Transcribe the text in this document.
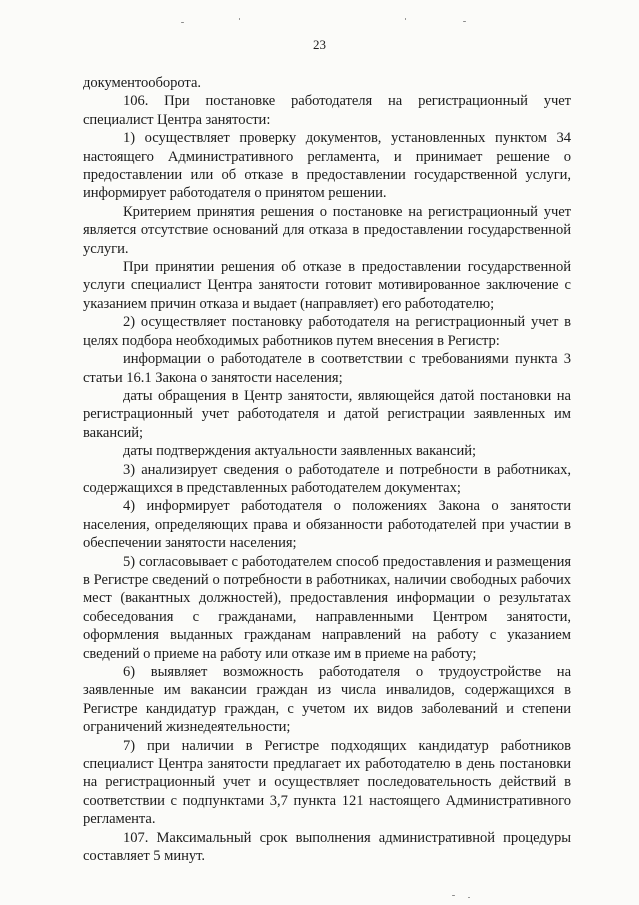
23

документооборота.

106. При постановке работодателя на регистрационный учет специалист Центра занятости:

1) осуществляет проверку документов, установленных пунктом 34 настоящего Административного регламента, и принимает решение о предоставлении или об отказе в предоставлении государственной услуги, информирует работодателя о принятом решении.

Критерием принятия решения о постановке на регистрационный учет является отсутствие оснований для отказа в предоставлении государственной услуги.

При принятии решения об отказе в предоставлении государственной услуги специалист Центра занятости готовит мотивированное заключение с указанием причин отказа и выдает (направляет) его работодателю;

2) осуществляет постановку работодателя на регистрационный учет в целях подбора необходимых работников путем внесения в Регистр:

информации о работодателе в соответствии с требованиями пункта 3 статьи 16.1 Закона о занятости населения;

даты обращения в Центр занятости, являющейся датой постановки на регистрационный учет работодателя и датой регистрации заявленных им вакансий;

даты подтверждения актуальности заявленных вакансий;

3) анализирует сведения о работодателе и потребности в работниках, содержащихся в представленных работодателем документах;

4) информирует работодателя о положениях Закона о занятости населения, определяющих права и обязанности работодателей при участии в обеспечении занятости населения;

5) согласовывает с работодателем способ предоставления и размещения в Регистре сведений о потребности в работниках, наличии свободных рабочих мест (вакантных должностей), предоставления информации о результатах собеседования с гражданами, направленными Центром занятости, оформления выданных гражданам направлений на работу с указанием сведений о приеме на работу или отказе им в приеме на работу;

6) выявляет возможность работодателя о трудоустройстве на заявленные им вакансии граждан из числа инвалидов, содержащихся в Регистре кандидатур граждан, с учетом их видов заболеваний и степени ограничений жизнедеятельности;

7) при наличии в Регистре подходящих кандидатур работников специалист Центра занятости предлагает их работодателю в день постановки на регистрационный учет и осуществляет последовательность действий в соответствии с подпунктами 3,7 пункта 121 настоящего Административного регламента.

107. Максимальный срок выполнения административной процедуры составляет 5 минут.
